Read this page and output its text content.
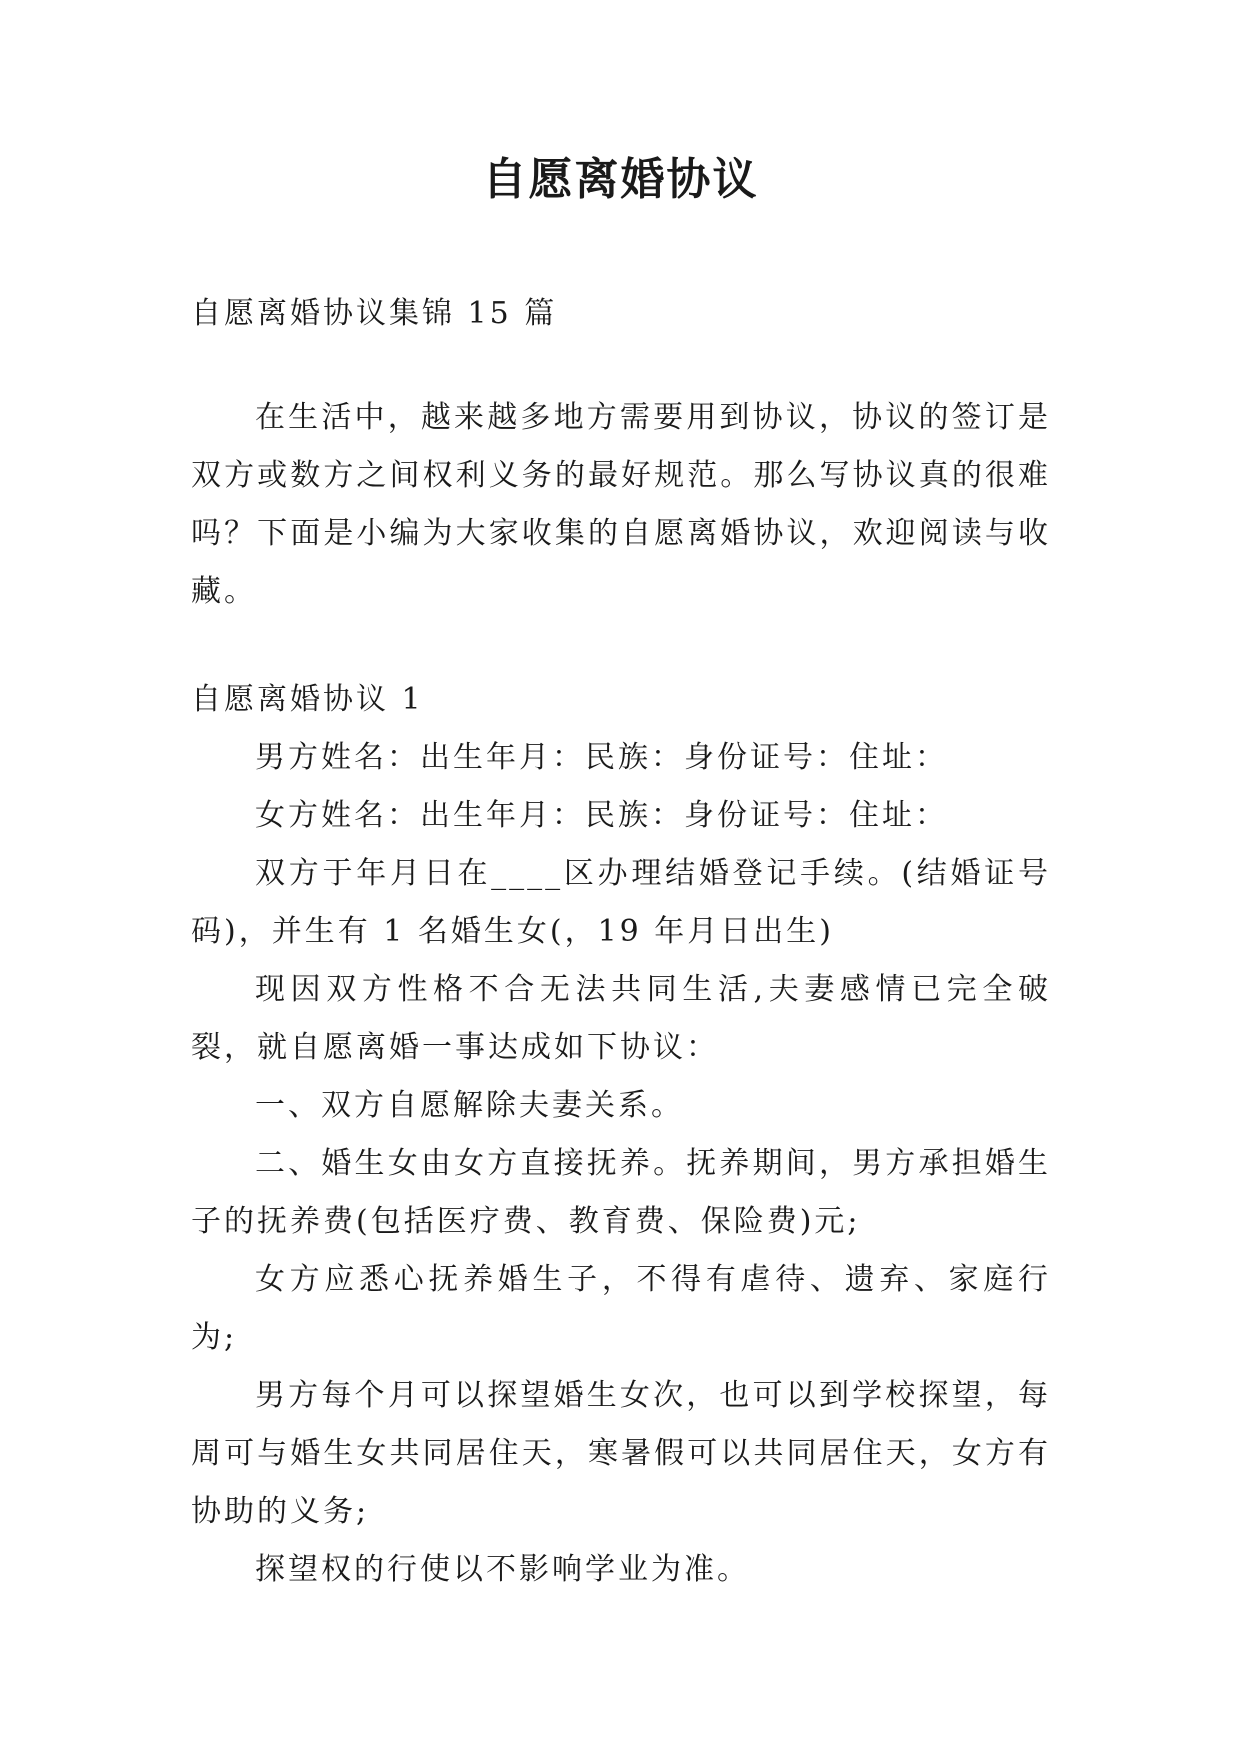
自愿离婚协议

自愿离婚协议集锦 15 篇

在生活中，越来越多地方需要用到协议，协议的签订是双方或数方之间权利义务的最好规范。那么写协议真的很难吗？下面是小编为大家收集的自愿离婚协议，欢迎阅读与收藏。

自愿离婚协议 1

男方姓名：出生年月：民族：身份证号：住址：

女方姓名：出生年月：民族：身份证号：住址：

双方于年月日在____区办理结婚登记手续。(结婚证号码)，并生有 1 名婚生女(，19 年月日出生)

现因双方性格不合无法共同生活,夫妻感情已完全破裂，就自愿离婚一事达成如下协议：

一、双方自愿解除夫妻关系。

二、婚生女由女方直接抚养。抚养期间，男方承担婚生子的抚养费(包括医疗费、教育费、保险费)元;

女方应悉心抚养婚生子，不得有虐待、遗弃、家庭行为;

男方每个月可以探望婚生女次，也可以到学校探望，每周可与婚生女共同居住天，寒暑假可以共同居住天，女方有协助的义务;

探望权的行使以不影响学业为准。
